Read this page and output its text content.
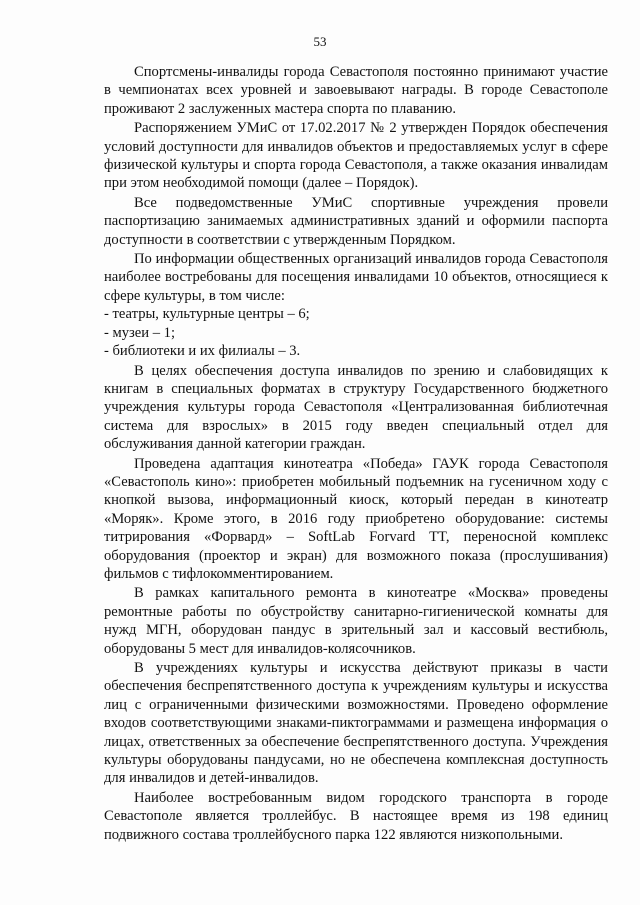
53

Спортсмены-инвалиды города Севастополя постоянно принимают участие в чемпионатах всех уровней и завоевывают награды. В городе Севастополе проживают 2 заслуженных мастера спорта по плаванию.

Распоряжением УМиС от 17.02.2017 № 2 утвержден Порядок обеспечения условий доступности для инвалидов объектов и предоставляемых услуг в сфере физической культуры и спорта города Севастополя, а также оказания инвалидам при этом необходимой помощи (далее – Порядок).

Все подведомственные УМиС спортивные учреждения провели паспортизацию занимаемых административных зданий и оформили паспорта доступности в соответствии с утвержденным Порядком.

По информации общественных организаций инвалидов города Севастополя наиболее востребованы для посещения инвалидами 10 объектов, относящиеся к сфере культуры, в том числе:

- театры, культурные центры – 6;

- музеи – 1;

- библиотеки и их филиалы – 3.

В целях обеспечения доступа инвалидов по зрению и слабовидящих к книгам в специальных форматах в структуру Государственного бюджетного учреждения культуры города Севастополя «Централизованная библиотечная система для взрослых» в 2015 году введен специальный отдел для обслуживания данной категории граждан.

Проведена адаптация кинотеатра «Победа» ГАУК города Севастополя «Севастополь кино»: приобретен мобильный подъемник на гусеничном ходу с кнопкой вызова, информационный киоск, который передан в кинотеатр «Моряк». Кроме этого, в 2016 году приобретено оборудование: системы титрирования «Форвард» – SoftLab Forvard TT, переносной комплекс оборудования (проектор и экран) для возможного показа (прослушивания) фильмов с тифлокомментированием.

В рамках капитального ремонта в кинотеатре «Москва» проведены ремонтные работы по обустройству санитарно-гигиенической комнаты для нужд МГН, оборудован пандус в зрительный зал и кассовый вестибюль, оборудованы 5 мест для инвалидов-колясочников.

В учреждениях культуры и искусства действуют приказы в части обеспечения беспрепятственного доступа к учреждениям культуры и искусства лиц с ограниченными физическими возможностями. Проведено оформление входов соответствующими знаками-пиктограммами и размещена информация о лицах, ответственных за обеспечение беспрепятственного доступа. Учреждения культуры оборудованы пандусами, но не обеспечена комплексная доступность для инвалидов и детей-инвалидов.

Наиболее востребованным видом городского транспорта в городе Севастополе является троллейбус. В настоящее время из 198 единиц подвижного состава троллейбусного парка 122 являются низкопольными.
